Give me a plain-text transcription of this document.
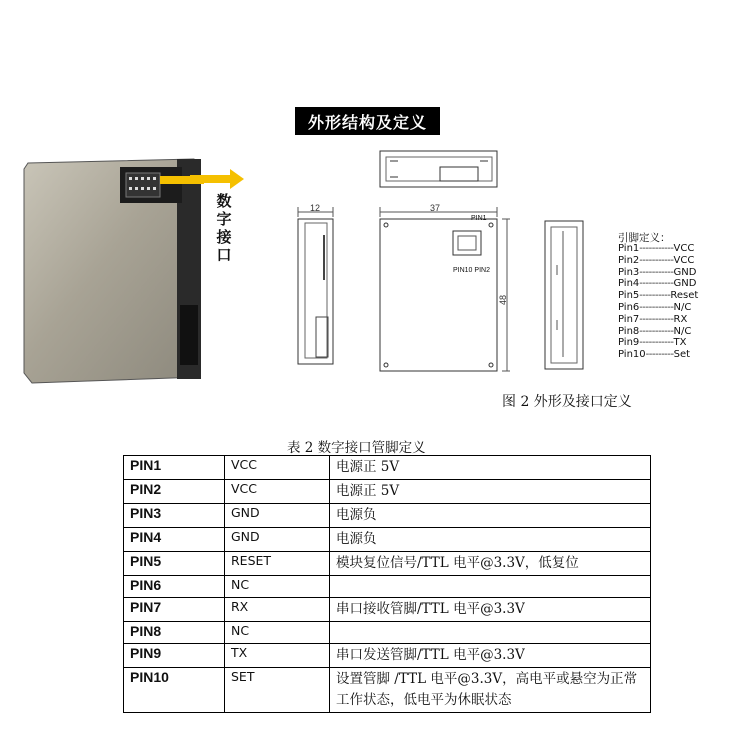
外形结构及定义
数
字
接
口
12	37
48
PIN1
PIN10 PIN2
引脚定义：
Pin1 ----------- VCC
Pin2 ----------- VCC
Pin3 ----------- GND
Pin4 ----------- GND
Pin5 ---------- Reset
Pin6 ----------- N/C
Pin7 ----------- RX
Pin8 ----------- N/C
Pin9 ----------- TX
Pin10 --------- Set
图 2 外形及接口定义
表 2 数字接口管脚定义
PIN1	VCC	电源正 5V
PIN2	VCC	电源正 5V
PIN3	GND	电源负
PIN4	GND	电源负
PIN5	RESET	模块复位信号/TTL 电平@3.3V，低复位
PIN6	NC	
PIN7	RX	串口接收管脚/TTL 电平@3.3V
PIN8	NC	
PIN9	TX	串口发送管脚/TTL 电平@3.3V
PIN10	SET	设置管脚 /TTL 电平@3.3V，高电平或悬空为正常工作状态，低电平为休眠状态
